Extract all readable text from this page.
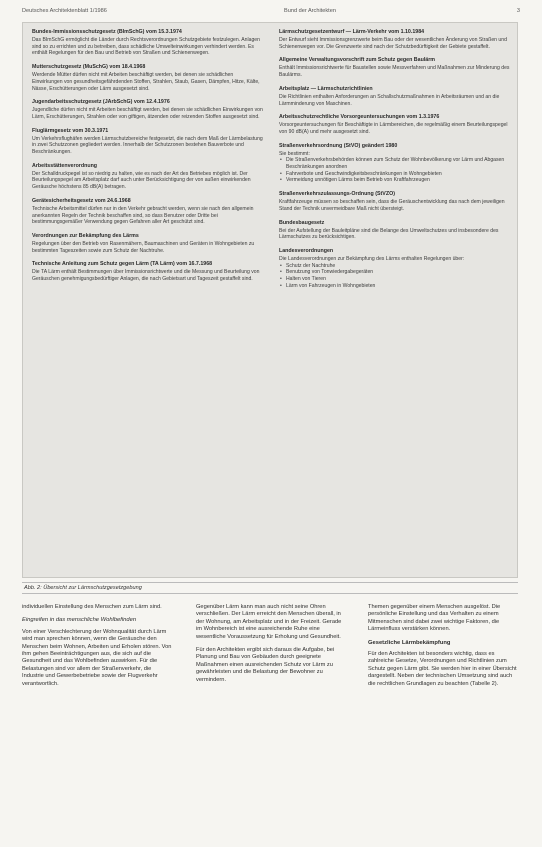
Deutsches Architektenblatt 1/1986	Bund der Architekten	3
Bundes-Immissionsschutzgesetz (BImSchG) vom 15.3.1974

Das BImSchG ermöglicht die Länder durch Rechtsverordnungen Schutzgebiete festzulegen. Anlagen sind so zu errichten und zu betreiben, dass schädliche Umwelteinwirkungen verhindert werden. Es enthält Regelungen für den Bau und Betrieb von Straßen und Schienenwegen.

Mutterschutzgesetz (MuSchG) vom 18.4.1968

Werdende Mütter dürfen nicht mit Arbeiten beschäftigt werden, bei denen sie schädlichen Einwirkungen von gesundheitsgefährdenden Stoffen, Strahlen, Staub, Gasen, Dämpfen, Hitze, Kälte, Nässe, Erschütterungen oder Lärm ausgesetzt sind.

Jugendarbeitsschutzgesetz (JArbSchG) vom 12.4.1976

Jugendliche dürfen nicht mit Arbeiten beschäftigt werden, bei denen sie schädlichen Einwirkungen von Lärm, Erschütterungen, Strahlen oder von giftigen, ätzenden oder reizenden Stoffen ausgesetzt sind.

Fluglärmgesetz vom 30.3.1971

Um Verkehrsflughäfen werden Lärmschutzbereiche festgesetzt, die nach dem Maß der Lärmbelastung in zwei Schutzzonen gegliedert werden. Innerhalb der Schutzzonen bestehen Bauverbote und Beschränkungen.

Arbeitsstättenverordnung

Der Schalldruckpegel ist so niedrig zu halten, wie es nach der Art des Betriebes möglich ist. Der Beurteilungspegel am Arbeitsplatz darf auch unter Berücksichtigung der von außen einwirkenden Geräusche höchstens 85 dB(A) betragen.

Gerätesicherheitsgesetz vom 24.6.1968

Technische Arbeitsmittel dürfen nur in den Verkehr gebracht werden, wenn sie nach den allgemein anerkannten Regeln der Technik beschaffen sind, so dass Benutzer oder Dritte bei bestimmungsgemäßer Verwendung gegen Gefahren aller Art geschützt sind.

Verordnungen zur Bekämpfung des Lärms

Regelungen über den Betrieb von Rasenmähern, Baumaschinen und Geräten in Wohngebieten zu bestimmten Tageszeiten sowie zum Schutz der Nachtruhe.

Technische Anleitung zum Schutz gegen Lärm (TA Lärm) vom 16.7.1968

Die TA Lärm enthält Bestimmungen über Immissionsrichtwerte und die Messung und Beurteilung von Geräuschen genehmigungsbedürftiger Anlagen, die nach Gebietsart und Tageszeit gestaffelt sind.

Lärmschutzgesetzentwurf — Lärm-Verkehr vom 1.10.1984

Der Entwurf sieht Immissionsgrenzwerte beim Bau oder der wesentlichen Änderung von Straßen und Schienenwegen vor. Die Grenzwerte sind nach der Schutzbedürftigkeit der Gebiete gestaffelt.

Allgemeine Verwaltungsvorschrift zum Schutz gegen Baulärm

Enthält Immissionsrichtwerte für Baustellen sowie Messverfahren und Maßnahmen zur Minderung des Baulärms.

Arbeitsplatz — Lärmschutzrichtlinien

Die Richtlinien enthalten Anforderungen an Schallschutzmaßnahmen in Arbeitsräumen und an die Lärmminderung von Maschinen.

Arbeitsschutzrechtliche Vorsorgeuntersuchungen vom 1.3.1976

Vorsorgeuntersuchungen für Beschäftigte in Lärmbereichen, die regelmäßig einem Beurteilungspegel von 90 dB(A) und mehr ausgesetzt sind.

Straßenverkehrsordnung (StVO) geändert 1980

Sie bestimmt:

• Die Straßenverkehrsbehörden können zum Schutz der Wohnbevölkerung vor Lärm und Abgasen Beschränkungen anordnen
• Fahrverbote und Geschwindigkeitsbeschränkungen in Wohngebieten
• Vermeidung unnötigen Lärms beim Betrieb von Kraftfahrzeugen
Straßenverkehrszulassungs-Ordnung (StVZO)

Kraftfahrzeuge müssen so beschaffen sein, dass die Geräuschentwicklung das nach dem jeweiligen Stand der Technik unvermeidbare Maß nicht übersteigt.

Bundesbaugesetz

Bei der Aufstellung der Bauleitpläne sind die Belange des Umweltschutzes und insbesondere des Lärmschutzes zu berücksichtigen.

Landesverordnungen

Die Landesverordnungen zur Bekämpfung des Lärms enthalten Regelungen über:

• Schutz der Nachtruhe
• Benutzung von Tonwiedergabegeräten
• Halten von Tieren
• Lärm von Fahrzeugen in Wohngebieten
Abb. 2: Übersicht zur Lärmschutzgesetzgebung

individuellen Einstellung des Menschen zum Lärm sind.

Eingreifen in das menschliche Wohlbefinden

Von einer Verschlechterung der Wohnqualität durch Lärm wird man sprechen können, wenn die Geräusche den Menschen beim Wohnen, Arbeiten und Erholen stören. Von ihm gehen Beeinträchtigungen aus, die sich auf die Gesundheit und das Wohlbefinden auswirken. Für die Belastungen sind vor allem der Straßenverkehr, die Industrie und Gewerbebetriebe sowie der Flugverkehr verantwortlich.

Gegenüber Lärm kann man auch nicht seine Ohren verschließen. Der Lärm erreicht den Menschen überall, in der Wohnung, am Arbeitsplatz und in der Freizeit. Gerade im Wohnbereich ist eine ausreichende Ruhe eine wesentliche Voraussetzung für Erholung und Gesundheit.

Für den Architekten ergibt sich daraus die Aufgabe, bei Planung und Bau von Gebäuden durch geeignete Maßnahmen einen ausreichenden Schutz vor Lärm zu gewährleisten und die Belastung der Bewohner zu vermindern.

Themen gegenüber einem Menschen ausgelöst. Die persönliche Einstellung und das Verhalten zu einem Mitmenschen sind dabei zwei wichtige Faktoren, die Lärmeinfluss verstärken können.

Gesetzliche Lärmbekämpfung

Für den Architekten ist besonders wichtig, dass es zahlreiche Gesetze, Verordnungen und Richtlinien zum Schutz gegen Lärm gibt. Sie werden hier in einer Übersicht dargestellt. Neben der technischen Umsetzung sind auch die rechtlichen Grundlagen zu beachten (Tabelle 2).
